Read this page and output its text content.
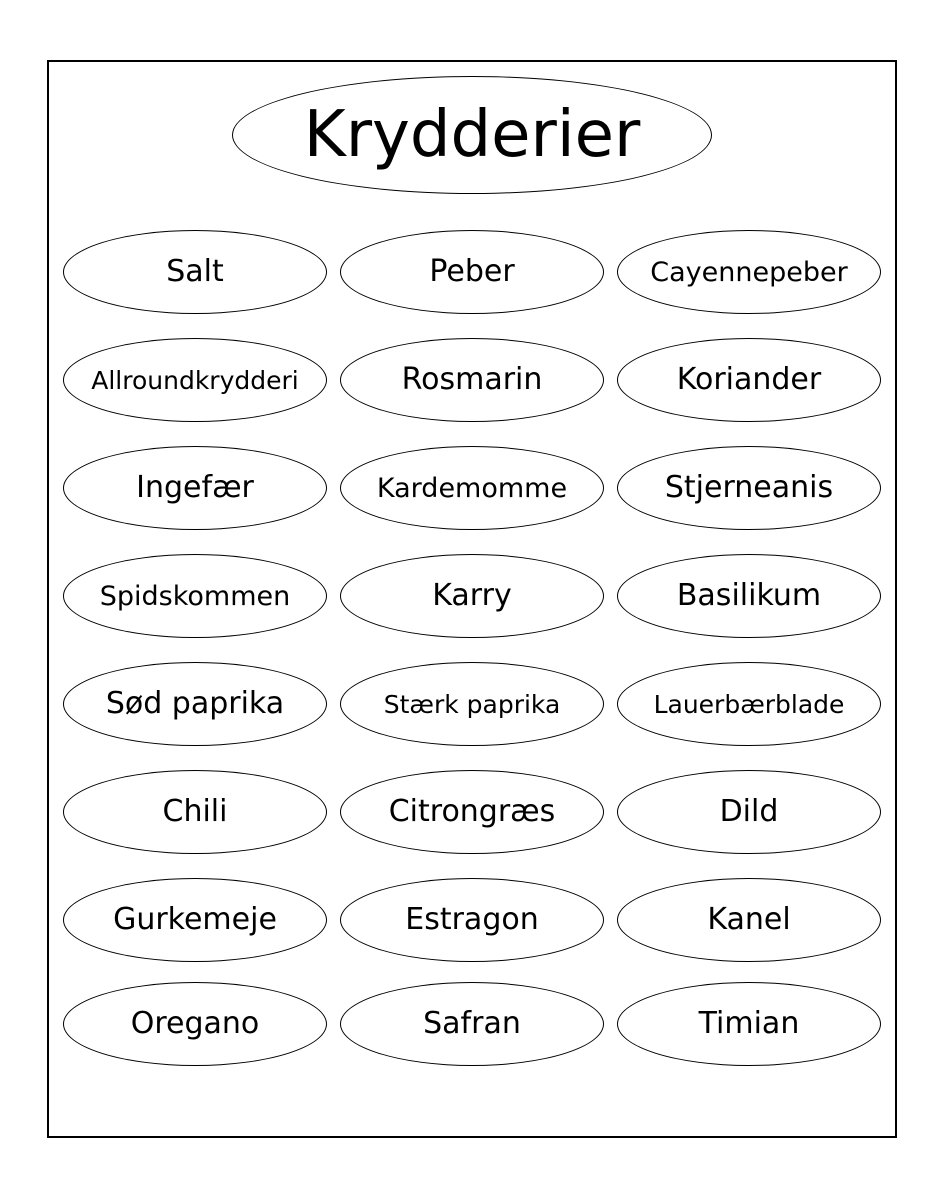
Krydderier
Salt	Peber	Cayennepeber
Allroundkrydderi	Rosmarin	Koriander
Ingefær	Kardemomme	Stjerneanis
Spidskommen	Karry	Basilikum
Sød paprika	Stærk paprika	Lauerbærblade
Chili	Citrongræs	Dild
Gurkemeje	Estragon	Kanel
Oregano	Safran	Timian
